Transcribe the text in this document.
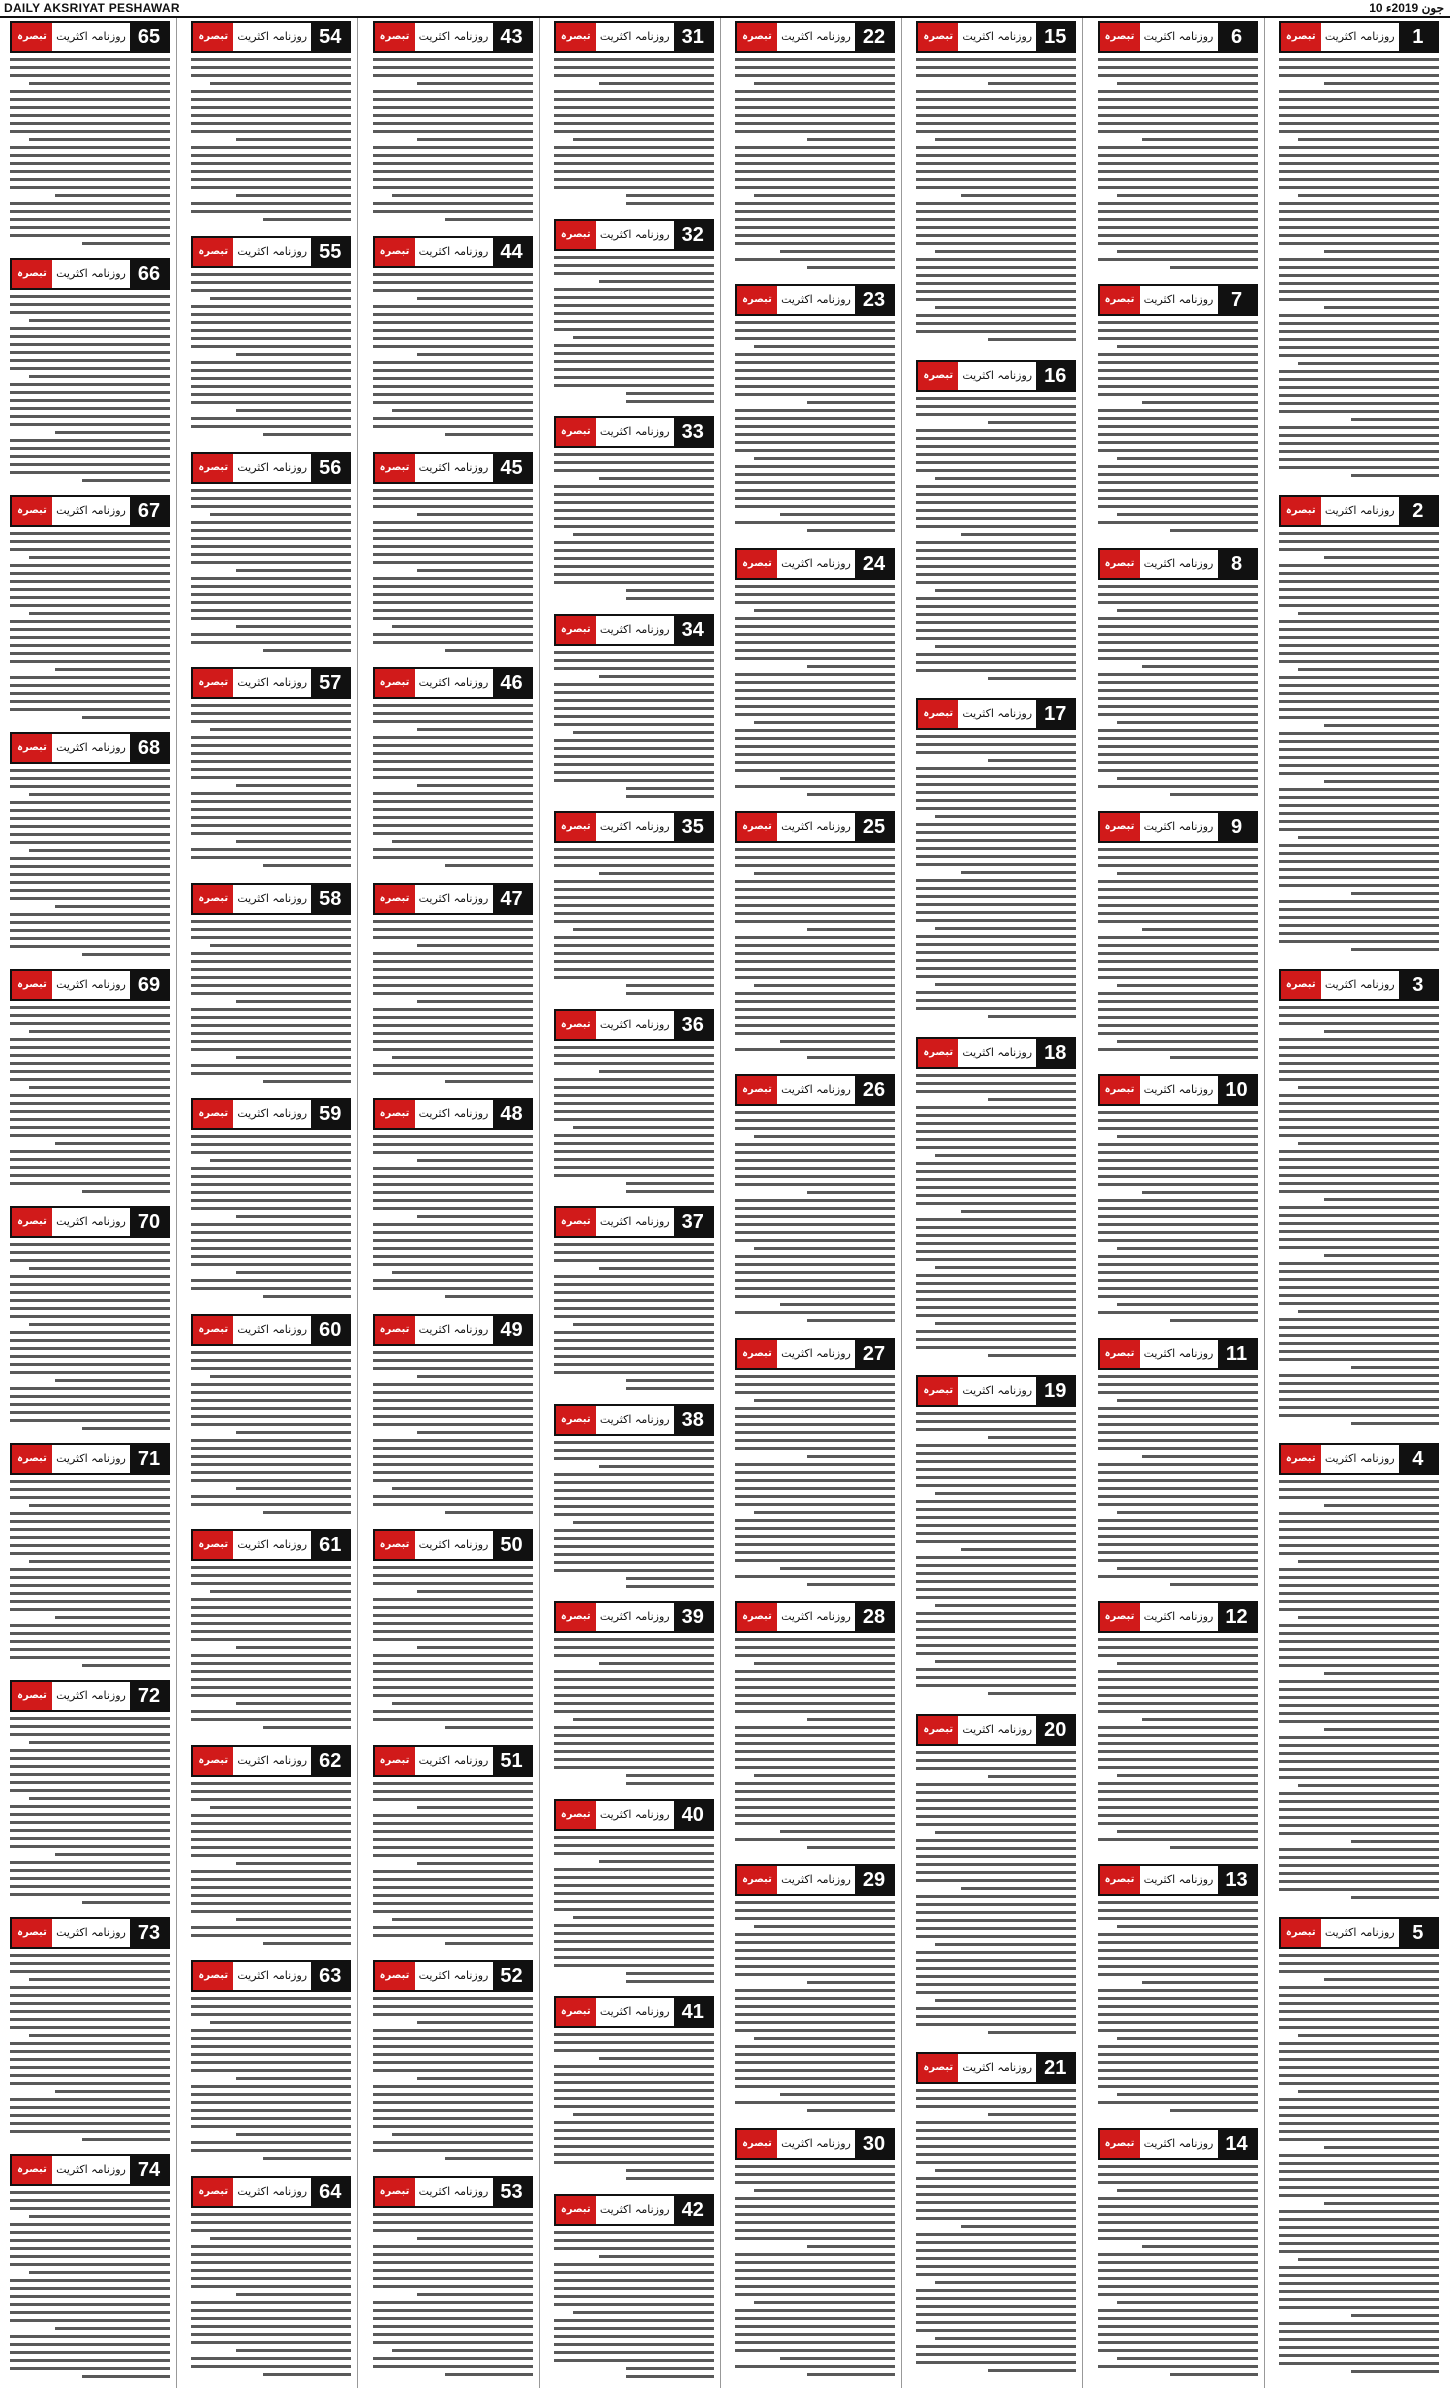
DAILY AKSRIYAT PESHAWAR	10 جون 2019ء
1
روزنامہ اکثریت
تبصرہ
2
روزنامہ اکثریت
تبصرہ
3
روزنامہ اکثریت
تبصرہ
4
روزنامہ اکثریت
تبصرہ
5
روزنامہ اکثریت
تبصرہ
6
روزنامہ اکثریت
تبصرہ
7
روزنامہ اکثریت
تبصرہ
8
روزنامہ اکثریت
تبصرہ
9
روزنامہ اکثریت
تبصرہ
10
روزنامہ اکثریت
تبصرہ
11
روزنامہ اکثریت
تبصرہ
12
روزنامہ اکثریت
تبصرہ
13
روزنامہ اکثریت
تبصرہ
14
روزنامہ اکثریت
تبصرہ
15
روزنامہ اکثریت
تبصرہ
16
روزنامہ اکثریت
تبصرہ
17
روزنامہ اکثریت
تبصرہ
18
روزنامہ اکثریت
تبصرہ
19
روزنامہ اکثریت
تبصرہ
20
روزنامہ اکثریت
تبصرہ
21
روزنامہ اکثریت
تبصرہ
22
روزنامہ اکثریت
تبصرہ
23
روزنامہ اکثریت
تبصرہ
24
روزنامہ اکثریت
تبصرہ
25
روزنامہ اکثریت
تبصرہ
26
روزنامہ اکثریت
تبصرہ
27
روزنامہ اکثریت
تبصرہ
28
روزنامہ اکثریت
تبصرہ
29
روزنامہ اکثریت
تبصرہ
30
روزنامہ اکثریت
تبصرہ
31
روزنامہ اکثریت
تبصرہ
32
روزنامہ اکثریت
تبصرہ
33
روزنامہ اکثریت
تبصرہ
34
روزنامہ اکثریت
تبصرہ
35
روزنامہ اکثریت
تبصرہ
36
روزنامہ اکثریت
تبصرہ
37
روزنامہ اکثریت
تبصرہ
38
روزنامہ اکثریت
تبصرہ
39
روزنامہ اکثریت
تبصرہ
40
روزنامہ اکثریت
تبصرہ
41
روزنامہ اکثریت
تبصرہ
42
روزنامہ اکثریت
تبصرہ
43
روزنامہ اکثریت
تبصرہ
44
روزنامہ اکثریت
تبصرہ
45
روزنامہ اکثریت
تبصرہ
46
روزنامہ اکثریت
تبصرہ
47
روزنامہ اکثریت
تبصرہ
48
روزنامہ اکثریت
تبصرہ
49
روزنامہ اکثریت
تبصرہ
50
روزنامہ اکثریت
تبصرہ
51
روزنامہ اکثریت
تبصرہ
52
روزنامہ اکثریت
تبصرہ
53
روزنامہ اکثریت
تبصرہ
54
روزنامہ اکثریت
تبصرہ
55
روزنامہ اکثریت
تبصرہ
56
روزنامہ اکثریت
تبصرہ
57
روزنامہ اکثریت
تبصرہ
58
روزنامہ اکثریت
تبصرہ
59
روزنامہ اکثریت
تبصرہ
60
روزنامہ اکثریت
تبصرہ
61
روزنامہ اکثریت
تبصرہ
62
روزنامہ اکثریت
تبصرہ
63
روزنامہ اکثریت
تبصرہ
64
روزنامہ اکثریت
تبصرہ
65
روزنامہ اکثریت
تبصرہ
66
روزنامہ اکثریت
تبصرہ
67
روزنامہ اکثریت
تبصرہ
68
روزنامہ اکثریت
تبصرہ
69
روزنامہ اکثریت
تبصرہ
70
روزنامہ اکثریت
تبصرہ
71
روزنامہ اکثریت
تبصرہ
72
روزنامہ اکثریت
تبصرہ
73
روزنامہ اکثریت
تبصرہ
74
روزنامہ اکثریت
تبصرہ
